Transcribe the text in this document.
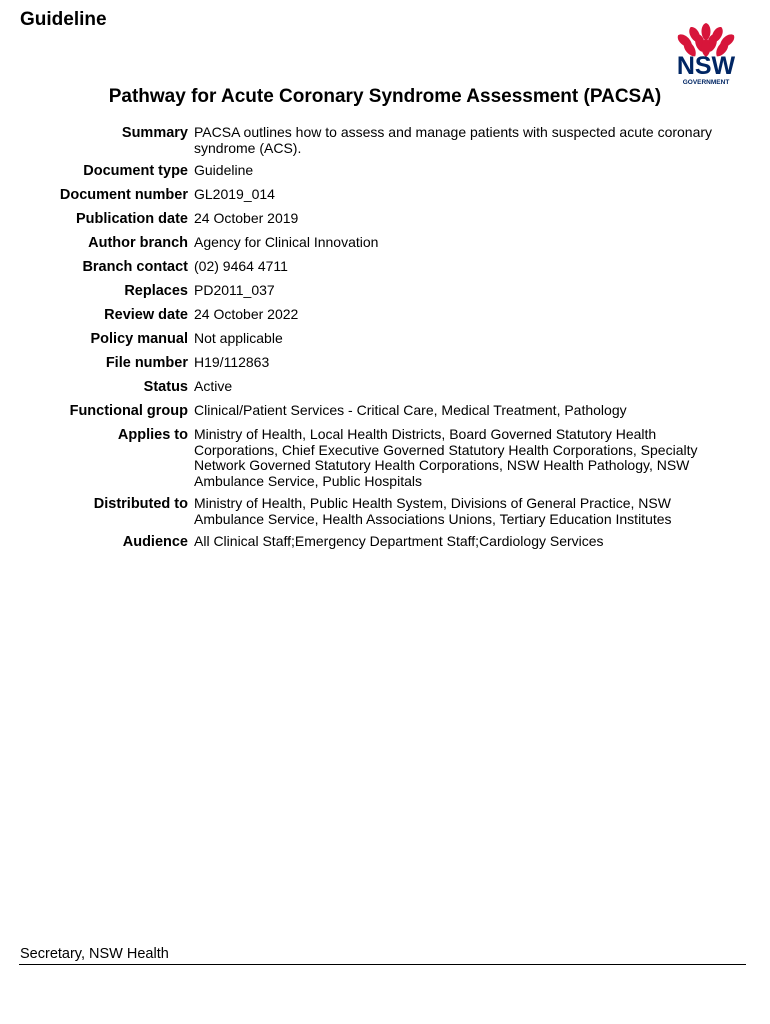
Guideline
NSW
GOVERNMENT
Pathway for Acute Coronary Syndrome Assessment (PACSA)
Summary PACSA outlines how to assess and manage patients with suspected acute coronary syndrome (ACS).
Document type Guideline
Document number GL2019_014
Publication date 24 October 2019
Author branch Agency for Clinical Innovation
Branch contact (02) 9464 4711
Replaces PD2011_037
Review date 24 October 2022
Policy manual Not applicable
File number H19/112863
Status Active
Functional group Clinical/Patient Services - Critical Care, Medical Treatment, Pathology
Applies to Ministry of Health, Local Health Districts, Board Governed Statutory Health Corporations, Chief Executive Governed Statutory Health Corporations, Specialty Network Governed Statutory Health Corporations, NSW Health Pathology, NSW Ambulance Service, Public Hospitals
Distributed to Ministry of Health, Public Health System, Divisions of General Practice, NSW Ambulance Service, Health Associations Unions, Tertiary Education Institutes
Audience All Clinical Staff;Emergency Department Staff;Cardiology Services
Secretary, NSW Health
